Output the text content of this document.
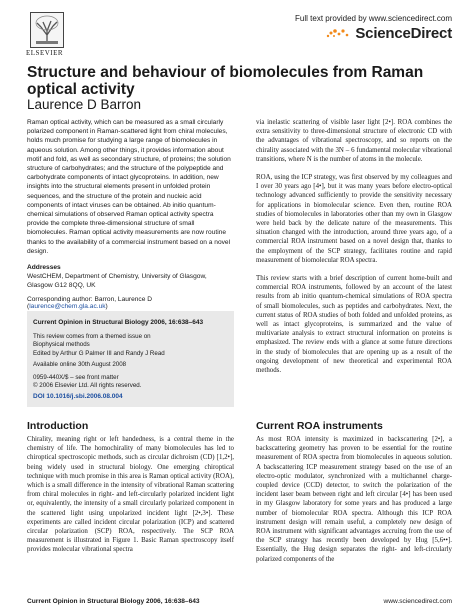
ELSEVIER
Full text provided by www.sciencedirect.com
ScienceDirect
Structure and behaviour of biomolecules from Raman optical activity
Laurence D Barron
Raman optical activity, which can be measured as a small circularly polarized component in Raman-scattered light from chiral molecules, holds much promise for studying a large range of biomolecules in aqueous solution. Among other things, it provides information about motif and fold, as well as secondary structure, of proteins; the solution structure of carbohydrates; and the structure of the polypeptide and carbohydrate components of intact glycoproteins. In addition, new insights into the structural elements present in unfolded protein sequences, and the structure of the protein and nucleic acid components of intact viruses can be obtained. Ab initio quantum-chemical simulations of observed Raman optical activity spectra provide the complete three-dimensional structure of small biomolecules. Raman optical activity measurements are now routine thanks to the availability of a commercial instrument based on a novel design.
Addresses
WestCHEM, Department of Chemistry, University of Glasgow,
Glasgow G12 8QQ, UK
Corresponding author: Barron, Laurence D (laurence@chem.gla.ac.uk)
Current Opinion in Structural Biology 2006, 16:638–643
This review comes from a themed issue on
Biophysical methods
Edited by Arthur G Palmer III and Randy J Read
Available online 30th August 2008
0959-440X/$ – see front matter
© 2006 Elsevier Ltd. All rights reserved.
DOI 10.1016/j.sbi.2006.08.004

via inelastic scattering of visible laser light [2•]. ROA combines the extra sensitivity to three-dimensional structure of electronic CD with the advantages of vibrational spectroscopy, and so reports on the chirality associated with the 3N – 6 fundamental molecular vibrational transitions, where N is the number of atoms in the molecule.

ROA, using the ICP strategy, was first observed by my colleagues and I over 30 years ago [4•], but it was many years before electro-optical technology advanced sufficiently to provide the sensitivity necessary for applications in biomolecular science. Even then, routine ROA studies of biomolecules in laboratories other than my own in Glasgow were held back by the delicate nature of the measurements. This situation changed with the introduction, around three years ago, of a commercial ROA instrument based on a novel design that, thanks to the employment of the SCP strategy, facilitates routine and rapid measurement of biomolecular ROA spectra.

This review starts with a brief description of current home-built and commercial ROA instruments, followed by an account of the latest results from ab initio quantum-chemical simulations of ROA spectra of small biomolecules, such as peptides and carbohydrates. Next, the current status of ROA studies of both folded and unfolded proteins, as well as intact glycoproteins, is summarized and the value of multivariate analysis to extract structural information on proteins is emphasized. The review ends with a glance at some future directions in the study of biomolecules that are opening up as a result of the ongoing development of new theoretical and experimental ROA methods.

Introduction
Chirality, meaning right or left handedness, is a central theme in the chemistry of life. The homochirality of many biomolecules has led to chiroptical spectroscopic methods, such as circular dichroism (CD) [1,2•], being widely used in structural biology. One emerging chiroptical technique with much promise in this area is Raman optical activity (ROA), which is a small difference in the intensity of vibrational Raman scattering from chiral molecules in right- and left-circularly polarized incident light or, equivalently, the intensity of a small circularly polarized component in the scattered light using unpolarized incident light [2•,3•]. These experiments are called incident circular polarization (ICP) and scattered circular polarization (SCP) ROA, respectively. The SCP ROA measurement is illustrated in Figure 1. Basic Raman spectroscopy itself provides molecular vibrational spectra
Current ROA instruments
As most ROA intensity is maximized in backscattering [2•], a backscattering geometry has proven to be essential for the routine measurement of ROA spectra from biomolecules in aqueous solution. A backscattering ICP measurement strategy based on the use of an electro-optic modulator, synchronized with a multichannel charge-coupled device (CCD) detector, to switch the polarization of the incident laser beam between right and left circular [4•] has been used in my Glasgow laboratory for some years and has produced a large number of biomolecular ROA spectra. Although this ICP ROA instrument design will remain useful, a completely new design of ROA instrument with significant advantages accruing from the use of the SCP strategy has recently been developed by Hug [5,6••]. Essentially, the Hug design separates the right- and left-circularly polarized components of the
Current Opinion in Structural Biology 2006, 16:638–643	www.sciencedirect.com
